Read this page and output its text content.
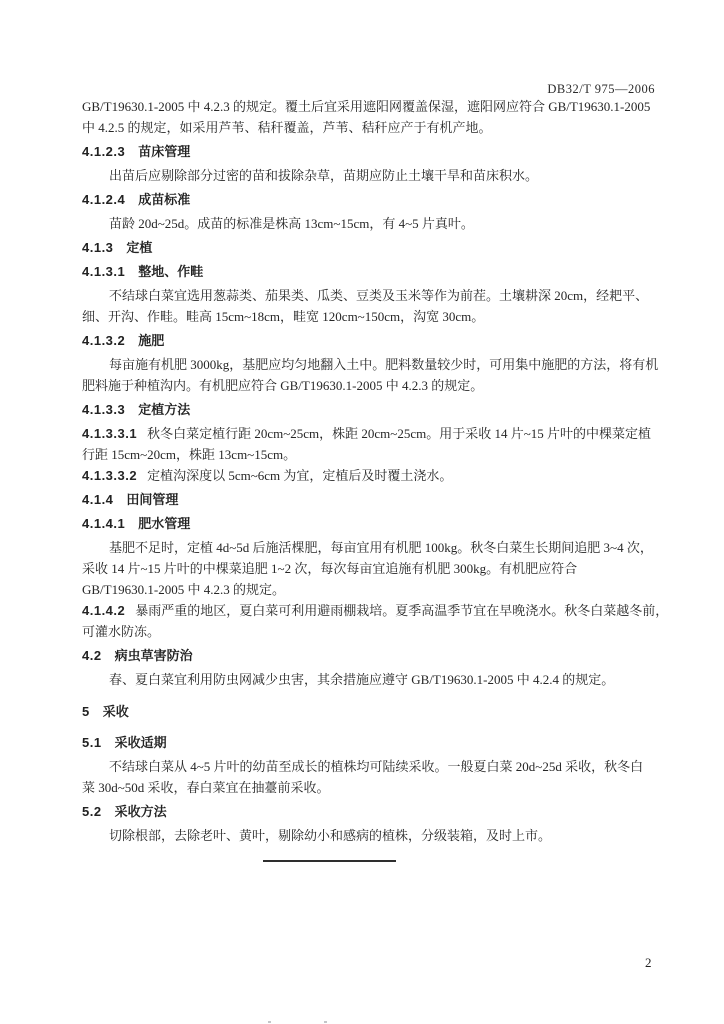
DB32/T 975—2006
GB/T19630.1-2005 中 4.2.3 的规定。覆土后宜采用遮阳网覆盖保湿，遮阳网应符合 GB/T19630.1-2005
中 4.2.5 的规定，如采用芦苇、秸秆覆盖，芦苇、秸秆应产于有机产地。
4.1.2.3 苗床管理
出苗后应剔除部分过密的苗和拔除杂草，苗期应防止土壤干旱和苗床积水。
4.1.2.4 成苗标准
苗龄 20d~25d。成苗的标准是株高 13cm~15cm，有 4~5 片真叶。
4.1.3 定植
4.1.3.1 整地、作畦
不结球白菜宜选用葱蒜类、茄果类、瓜类、豆类及玉米等作为前茬。土壤耕深 20cm，经耙平、
细、开沟、作畦。畦高 15cm~18cm，畦宽 120cm~150cm，沟宽 30cm。
4.1.3.2 施肥
每亩施有机肥 3000kg，基肥应均匀地翻入土中。肥料数量较少时，可用集中施肥的方法，将有机
肥料施于种植沟内。有机肥应符合 GB/T19630.1-2005 中 4.2.3 的规定。
4.1.3.3 定植方法
4.1.3.3.1 秋冬白菜定植行距 20cm~25cm，株距 20cm~25cm。用于采收 14 片~15 片叶的中棵菜定植
行距 15cm~20cm，株距 13cm~15cm。
4.1.3.3.2 定植沟深度以 5cm~6cm 为宜，定植后及时覆土浇水。
4.1.4 田间管理
4.1.4.1 肥水管理
基肥不足时，定植 4d~5d 后施活棵肥，每亩宜用有机肥 100kg。秋冬白菜生长期间追肥 3~4 次，
采收 14 片~15 片叶的中棵菜追肥 1~2 次，每次每亩宜追施有机肥 300kg。有机肥应符合
GB/T19630.1-2005 中 4.2.3 的规定。
4.1.4.2 暴雨严重的地区，夏白菜可利用避雨棚栽培。夏季高温季节宜在早晚浇水。秋冬白菜越冬前，
可灌水防冻。
4.2 病虫草害防治
春、夏白菜宜利用防虫网减少虫害，其余措施应遵守 GB/T19630.1-2005 中 4.2.4 的规定。
5 采收
5.1 采收适期
不结球白菜从 4~5 片叶的幼苗至成长的植株均可陆续采收。一般夏白菜 20d~25d 采收，秋冬白
菜 30d~50d 采收，春白菜宜在抽薹前采收。
5.2 采收方法
切除根部，去除老叶、黄叶，剔除幼小和感病的植株，分级装箱，及时上市。
2
